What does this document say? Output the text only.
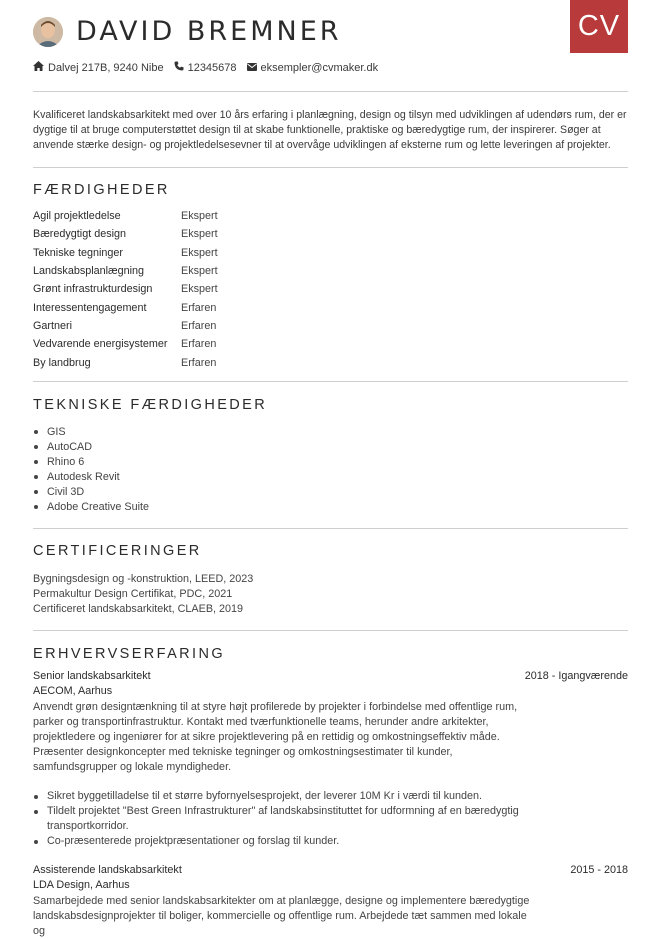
CV
DAVID BREMNER
Dalvej 217B, 9240 Nibe 12345678 eksempler@cvmaker.dk
Kvalificeret landskabsarkitekt med over 10 års erfaring i planlægning, design og tilsyn med udviklingen af udendørs rum, der er dygtige til at bruge computerstøttet design til at skabe funktionelle, praktiske og bæredygtige rum, der inspirerer. Søger at anvende stærke design- og projektledelsesevner til at overvåge udviklingen af eksterne rum og lette leveringen af projekter.
FÆRDIGHEDER
Agil projektledelse	Ekspert
Bæredygtigt design	Ekspert
Tekniske tegninger	Ekspert
Landskabsplanlægning	Ekspert
Grønt infrastrukturdesign	Ekspert
Interessentengagement	Erfaren
Gartneri	Erfaren
Vedvarende energisystemer	Erfaren
By landbrug	Erfaren
TEKNISKE FÆRDIGHEDER
GIS
AutoCAD
Rhino 6
Autodesk Revit
Civil 3D
Adobe Creative Suite
CERTIFICERINGER
Bygningsdesign og -konstruktion, LEED, 2023
Permakultur Design Certifikat, PDC, 2021
Certificeret landskabsarkitekt, CLAEB, 2019
ERHVERVSERFARING
Senior landskabsarkitekt	2018 - Igangværende
AECOM, Aarhus
Anvendt grøn designtænkning til at styre højt profilerede by projekter i forbindelse med offentlige rum, parker og transportinfrastruktur. Kontakt med tværfunktionelle teams, herunder andre arkitekter, projektledere og ingeniører for at sikre projektlevering på en rettidig og omkostningseffektiv måde. Præsenter designkoncepter med tekniske tegninger og omkostningsestimater til kunder, samfundsgrupper og lokale myndigheder.
Sikret byggetilladelse til et større byfornyelsesprojekt, der leverer 10M Kr i værdi til kunden.
Tildelt projektet "Best Green Infrastrukturer" af landskabsinstituttet for udformning af en bæredygtig transportkorridor.
Co-præsenterede projektpræsentationer og forslag til kunder.
Assisterende landskabsarkitekt	2015 - 2018
LDA Design, Aarhus
Samarbejdede med senior landskabsarkitekter om at planlægge, designe og implementere bæredygtige landskabsdesignprojekter til boliger, kommercielle og offentlige rum. Arbejdede tæt sammen med lokale og
